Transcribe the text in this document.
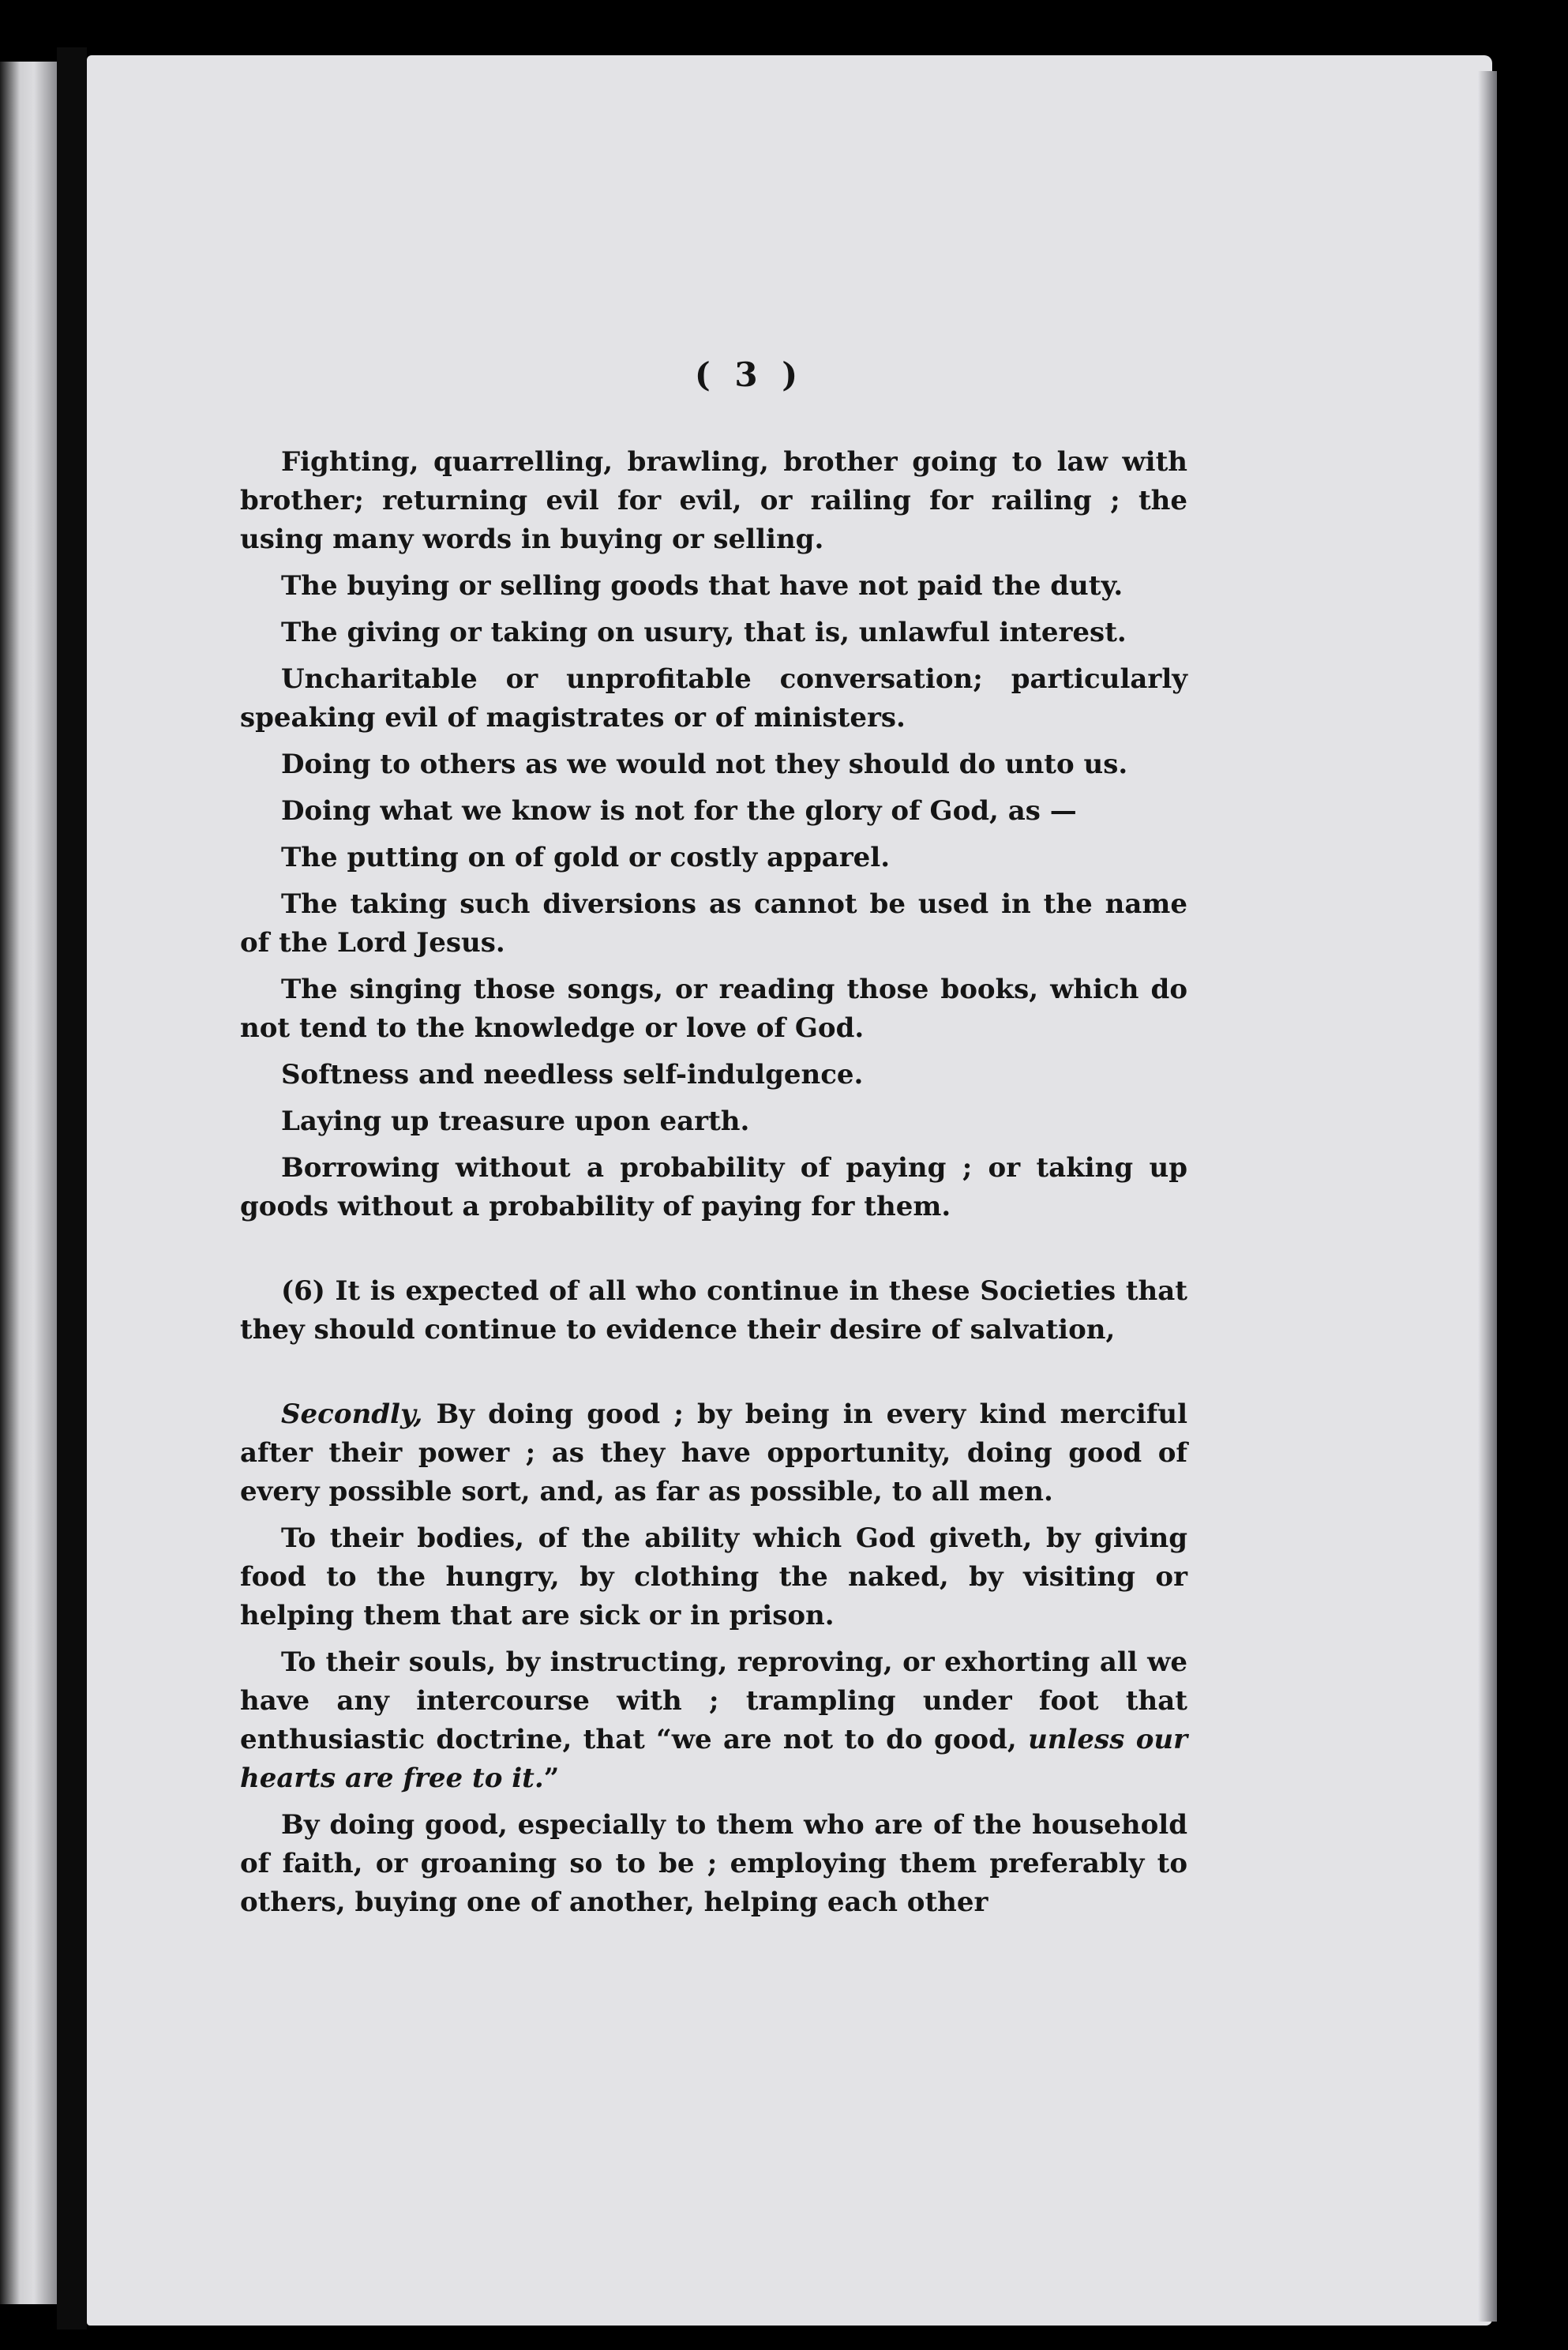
( 3 )

Fighting, quarrelling, brawling, brother going to law with brother; returning evil for evil, or railing for railing ; the using many words in buying or selling.

The buying or selling goods that have not paid the duty.

The giving or taking on usury, that is, unlawful interest.

Uncharitable or unprofitable conversation; particularly speaking evil of magistrates or of ministers.

Doing to others as we would not they should do unto us.

Doing what we know is not for the glory of God, as —

The putting on of gold or costly apparel.

The taking such diversions as cannot be used in the name of the Lord Jesus.

The singing those songs, or reading those books, which do not tend to the knowledge or love of God.

Softness and needless self-indulgence.

Laying up treasure upon earth.

Borrowing without a probability of paying ; or taking up goods without a probability of paying for them.

(6) It is expected of all who continue in these Societies that they should continue to evidence their desire of salvation,

Secondly, By doing good ; by being in every kind merciful after their power ; as they have opportunity, doing good of every possible sort, and, as far as possible, to all men.

To their bodies, of the ability which God giveth, by giving food to the hungry, by clothing the naked, by visiting or helping them that are sick or in prison.

To their souls, by instructing, reproving, or exhorting all we have any intercourse with ; trampling under foot that enthusiastic doctrine, that “we are not to do good, unless our hearts are free to it.”

By doing good, especially to them who are of the household of faith, or groaning so to be ; employing them preferably to others, buying one of another, helping each other
